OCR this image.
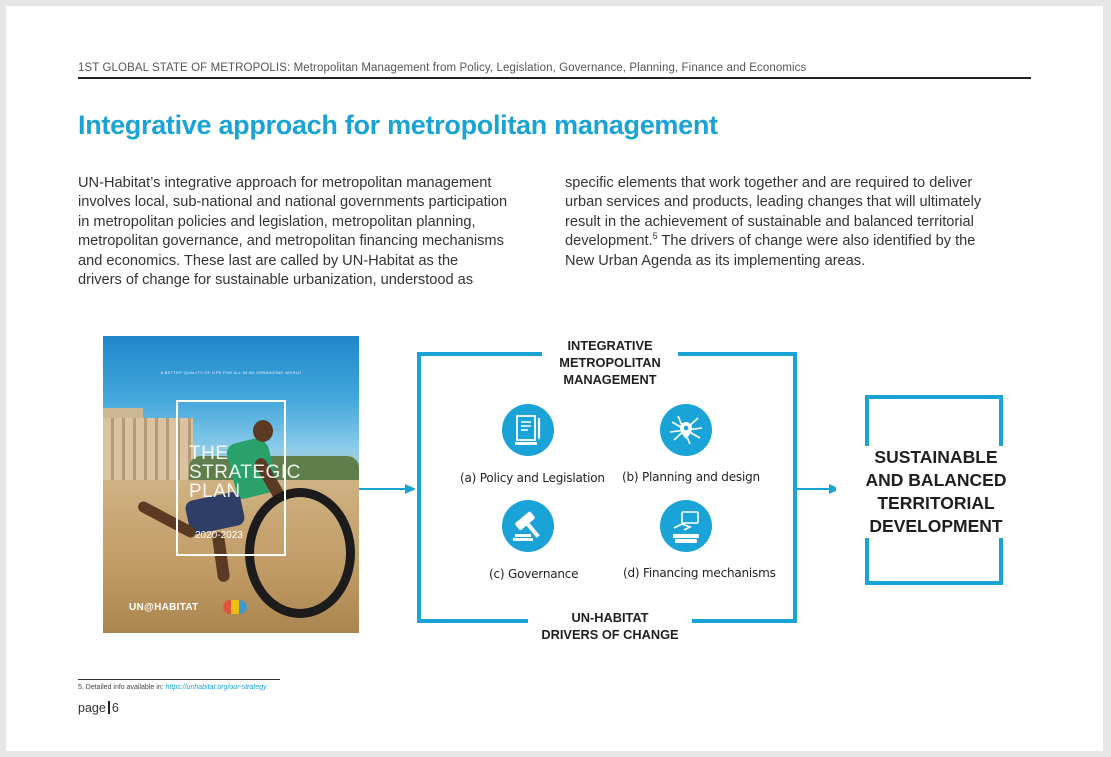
1ST GLOBAL STATE OF METROPOLIS: Metropolitan Management from Policy, Legislation, Governance, Planning, Finance and Economics
Integrative approach for metropolitan management

UN-Habitat’s integrative approach for metropolitan management
involves local, sub-national and national governments participation
in metropolitan policies and legislation, metropolitan planning,
metropolitan governance, and metropolitan financing mechanisms
and economics. These last are called by UN-Habitat as the
drivers of change for sustainable urbanization, understood as

specific elements that work together and are required to deliver
urban services and products, leading changes that will ultimately
result in the achievement of sustainable and balanced territorial
development.$^5$ The drivers of change were also identified by the
New Urban Agenda as its implementing areas.

A BETTER QUALITY OF LIFE FOR ALL IN AN URBANIZING WORLD
THE
STRATEGIC
PLAN
2020-2023
UN@HABITAT
INTEGRATIVE
METROPOLITAN
MANAGEMENT
UN-HABITAT
DRIVERS OF CHANGE
(a) Policy and Legislation (b) Planning and design
(c) Governance	(d) Financing mechanisms
SUSTAINABLE
AND BALANCED
TERRITORIAL
DEVELOPMENT
5. Detailed info available in: https://unhabitat.org/our-strategy
page 6
